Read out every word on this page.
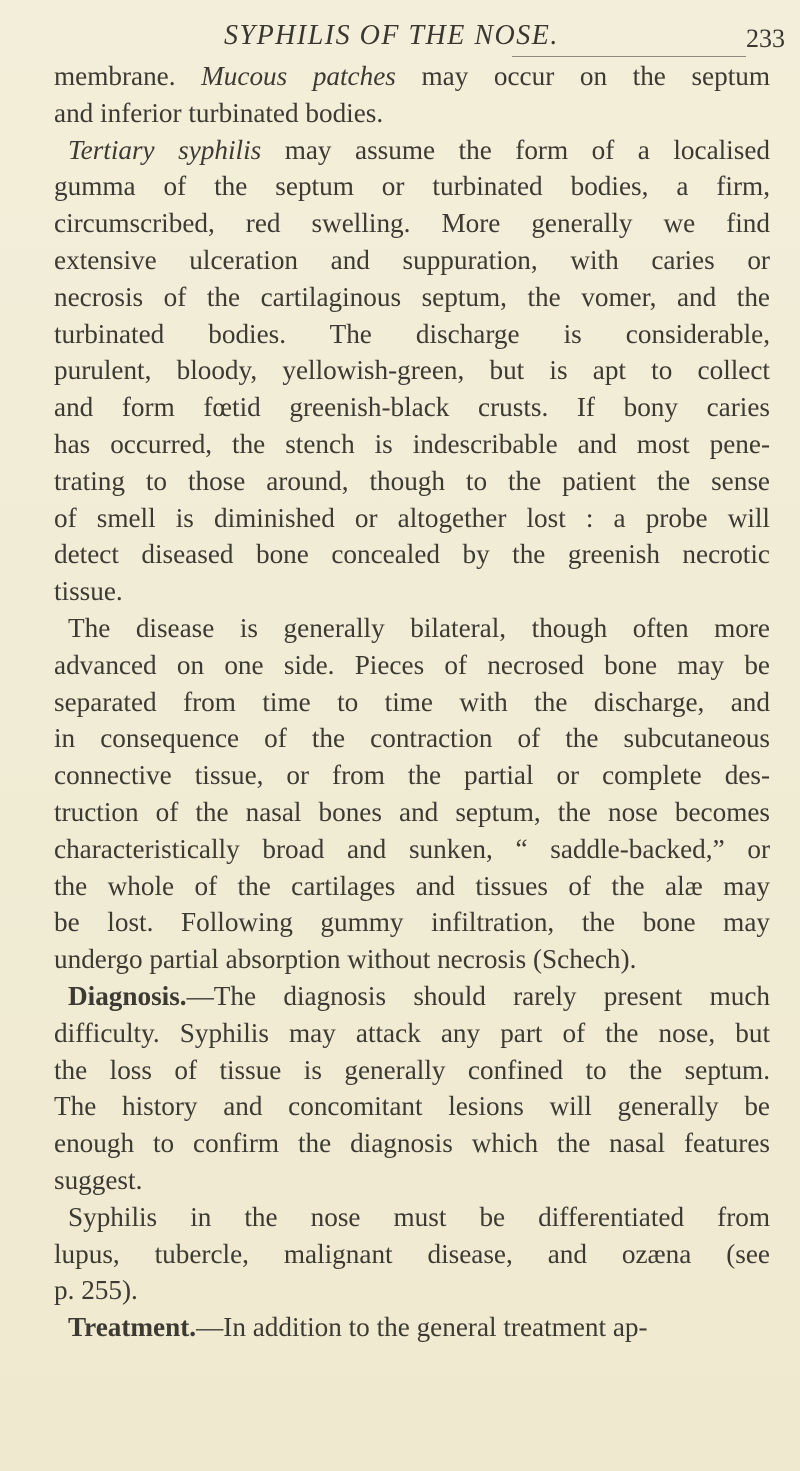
SYPHILIS OF THE NOSE.	233
membrane. Mucous patches may occur on the septum
and inferior turbinated bodies.
Tertiary syphilis may assume the form of a localised
gumma of the septum or turbinated bodies, a firm,
circumscribed, red swelling. More generally we find
extensive ulceration and suppuration, with caries or
necrosis of the cartilaginous septum, the vomer, and the
turbinated bodies. The discharge is considerable,
purulent, bloody, yellowish-green, but is apt to collect
and form fœtid greenish-black crusts. If bony caries
has occurred, the stench is indescribable and most pene-
trating to those around, though to the patient the sense
of smell is diminished or altogether lost : a probe will
detect diseased bone concealed by the greenish necrotic
tissue.
The disease is generally bilateral, though often more
advanced on one side. Pieces of necrosed bone may be
separated from time to time with the discharge, and
in consequence of the contraction of the subcutaneous
connective tissue, or from the partial or complete des-
truction of the nasal bones and septum, the nose becomes
characteristically broad and sunken, “ saddle-backed,” or
the whole of the cartilages and tissues of the alæ may
be lost. Following gummy infiltration, the bone may
undergo partial absorption without necrosis (Schech).
Diagnosis.—The diagnosis should rarely present much
difficulty. Syphilis may attack any part of the nose, but
the loss of tissue is generally confined to the septum.
The history and concomitant lesions will generally be
enough to confirm the diagnosis which the nasal features
suggest.
Syphilis in the nose must be differentiated from
lupus, tubercle, malignant disease, and ozæna (see
p. 255).
Treatment.—In addition to the general treatment ap-
